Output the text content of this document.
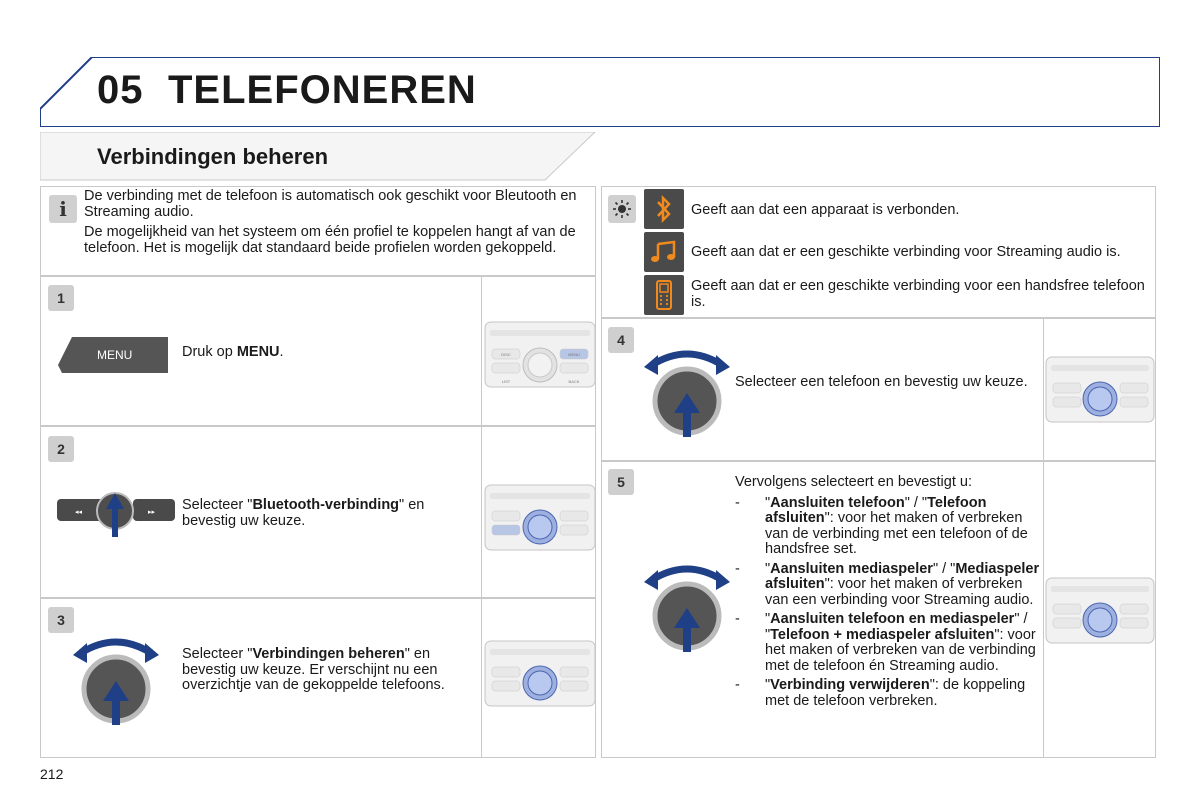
05 TELEFONEREN
Verbindingen beheren
i
De verbinding met de telefoon is automatisch ook geschikt voor Bleutooth en Streaming audio.
De mogelijkheid van het systeem om één profiel te koppelen hangt af van de telefoon. Het is mogelijk dat standaard beide profielen worden gekoppeld.
1
MENU	Druk op MENU.	DISC	MENU
LIST	BACK
2
◂◂	▸▸ Selecteer "Bluetooth-verbinding" en bevestig uw keuze.
3
Selecteer "Verbindingen beheren" en bevestig uw keuze. Er verschijnt nu een overzichtje van de gekoppelde telefoons.
Geeft aan dat een apparaat is verbonden.
Geeft aan dat er een geschikte verbinding voor Streaming audio is.
Geeft aan dat er een geschikte verbinding voor een handsfree telefoon is.
4
Selecteer een telefoon en bevestig uw keuze.
5	Vervolgens selecteert en bevestigt u:
- "Aansluiten telefoon" / "Telefoon afsluiten": voor het maken of verbreken van de verbinding met een telefoon of de handsfree set.
- "Aansluiten mediaspeler" / "Mediaspeler afsluiten": voor het maken of verbreken van een verbinding voor Streaming audio.
- "Aansluiten telefoon en mediaspeler" / "Telefoon + mediaspeler afsluiten": voor het maken of verbreken van de verbinding met de telefoon én Streaming audio.
- "Verbinding verwijderen": de koppeling met de telefoon verbreken.
212
